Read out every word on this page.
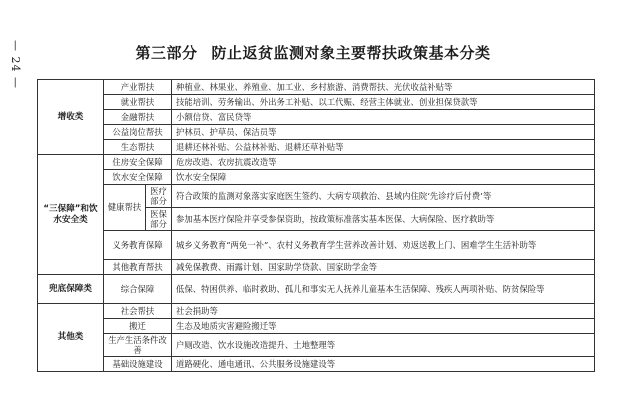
— 24 —	第三部分 防止返贫监测对象主要帮扶政策基本分类
增收类	产业帮扶		种植业、林果业、养殖业、加工业、乡村旅游、消费帮扶、光伏收益补贴等
	就业帮扶		技能培训、劳务输出、外出务工补贴、以工代赈、经营主体就业、创业担保贷款等
	金融帮扶		小额信贷、富民贷等
	公益岗位帮扶		护林员、护草员、保洁员等
	生态帮扶		退耕还林补贴、公益林补贴、退耕还草补贴等
“三保障”和饮水安全类	住房安全保障		危房改造、农房抗震改造等
	饮水安全保障		饮水安全保障
	健康帮扶	医疗部分	符合政策的监测对象落实家庭医生签约、大病专项救治、县域内住院‘先诊疗后付费’等
		医保部分	参加基本医疗保险并享受参保资助，按政策标准落实基本医保、大病保险、医疗救助等
	义务教育保障		城乡义务教育“两免一补”、农村义务教育学生营养改善计划、劝返送教上门、困难学生生活补助等
	其他教育帮扶		减免保教费、雨露计划、国家助学贷款、国家助学金等
兜底保障类	综合保障		低保、特困供养、临时救助、孤儿和事实无人抚养儿童基本生活保障、残疾人两项补贴、防贫保险等
其他类	社会帮扶		社会捐助等
	搬迁		生态及地质灾害避险搬迁等
	生产生活条件改善		户厕改造、饮水设施改造提升、土地整理等
	基础设施建设		道路硬化、通电通讯、公共服务设施建设等
